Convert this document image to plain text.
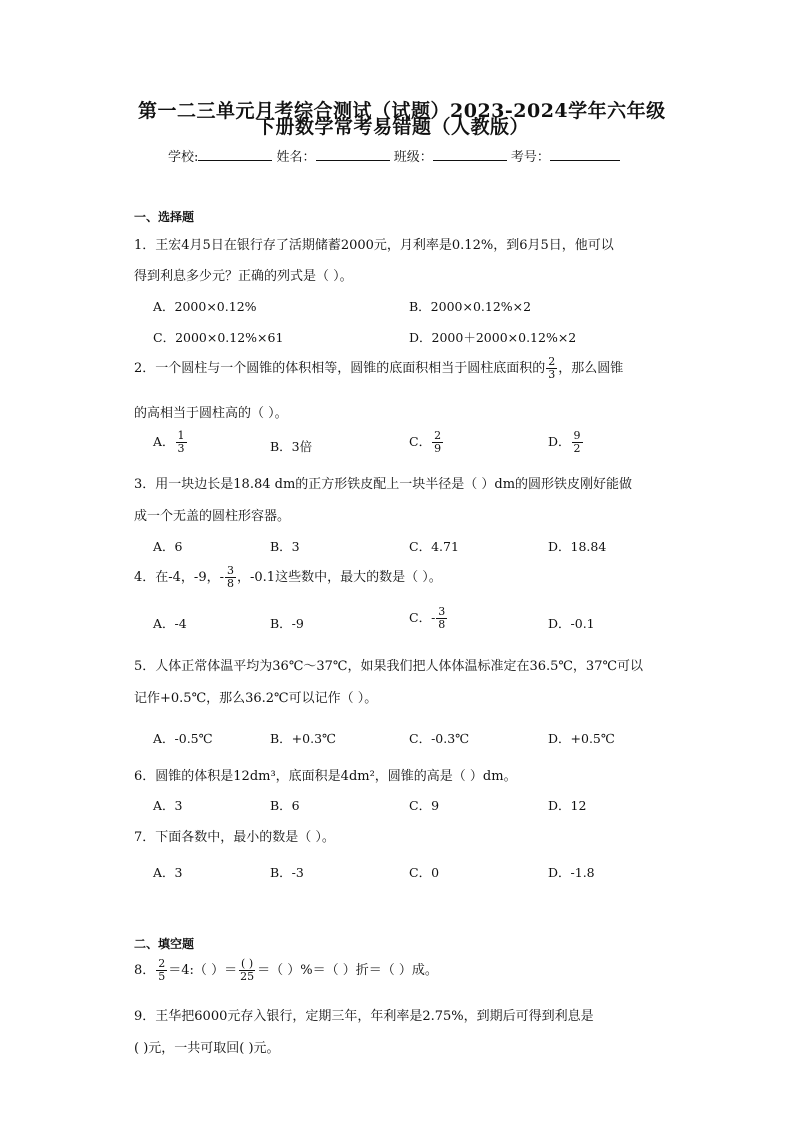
第一二三单元月考综合测试（试题）2023-2024学年六年级
下册数学常考易错题（人教版）
学校:	姓名：	班级：	考号：
一、选择题
1．王宏4月5日在银行存了活期储蓄2000元，月利率是0.12%，到6月5日，他可以
得到利息多少元？正确的列式是（ ）。
A．2000×0.12%	B．2000×0.12%×2
C．2000×0.12%×61	D．2000＋2000×0.12%×2
2．一个圆柱与一个圆锥的体积相等，圆锥的底面积相当于圆柱底面积的 $\frac{2}{3}$ ，那么圆锥
的高相当于圆柱高的（ ）。
A． $\frac{1}{3}$	B．3倍	C． $\frac{2}{9}$	D． $\frac{9}{2}$
3．用一块边长是18.84 dm的正方形铁皮配上一块半径是（ ）dm的圆形铁皮刚好能做
成一个无盖的圆柱形容器。
A．6	B．3	C．4.71	D．18.84
4．在-4，-9，- $\frac{3}{8}$ ，-0.1这些数中，最大的数是（ ）。
A．-4	B．-9	C．- $\frac{3}{8}$	D．-0.1
5．人体正常体温平均为36℃～37℃，如果我们把人体体温标准定在36.5℃，37℃可以
记作+0.5℃，那么36.2℃可以记作（ ）。
A．-0.5℃	B．+0.3℃	C．-0.3℃	D．+0.5℃
6．圆锥的体积是12dm³，底面积是4dm²，圆锥的高是（ ）dm。
A．3	B．6	C．9	D．12
7．下面各数中，最小的数是（ ）。
A．3	B．-3	C．0	D．-1.8
二、填空题
8． $\frac{2}{5}$ ＝4:（ ）＝ $\frac{( )}{25}$ ＝（ ）%＝（ ）折＝（ ）成。
9．王华把6000元存入银行，定期三年，年利率是2.75%，到期后可得到利息是
( )元，一共可取回( )元。
